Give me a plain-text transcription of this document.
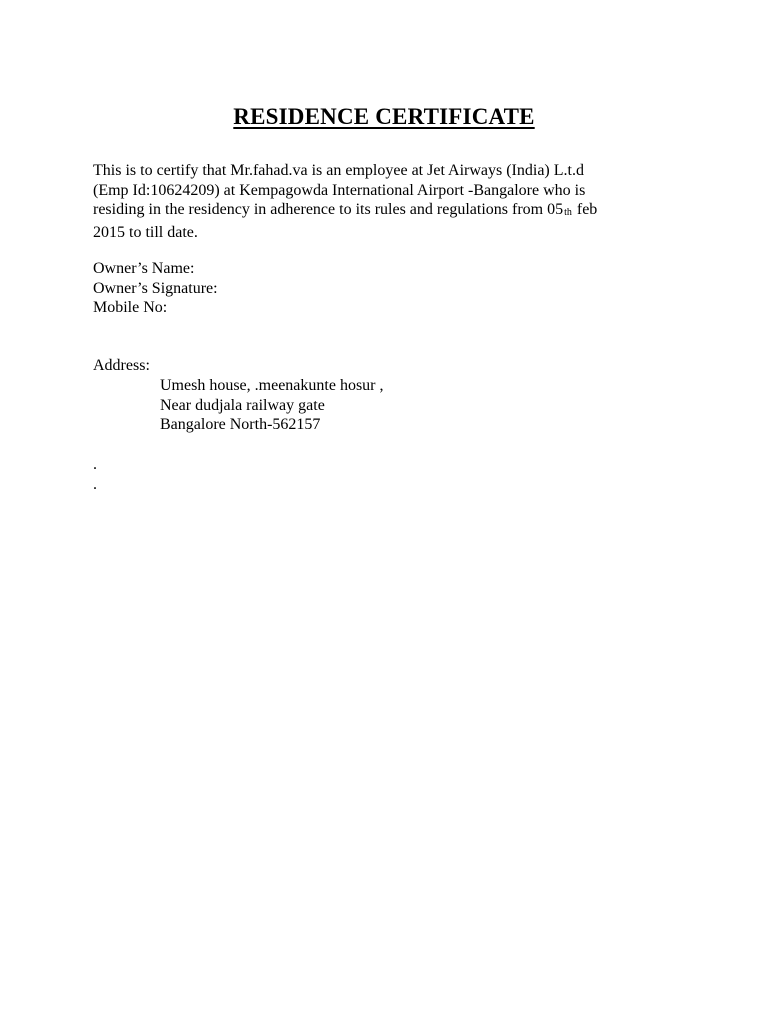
RESIDENCE CERTIFICATE
This is to certify that Mr.fahad.va is an employee at Jet Airways (India) L.t.d
(Emp Id:10624209) at Kempagowda International Airport -Bangalore who is
residing in the residency in adherence to its rules and regulations from 05th feb
2015 to till date.
Owner’s Name:
Owner’s Signature:
Mobile No:
Address:
Umesh house, .meenakunte hosur ,
Near dudjala railway gate
Bangalore North-562157
.
.
